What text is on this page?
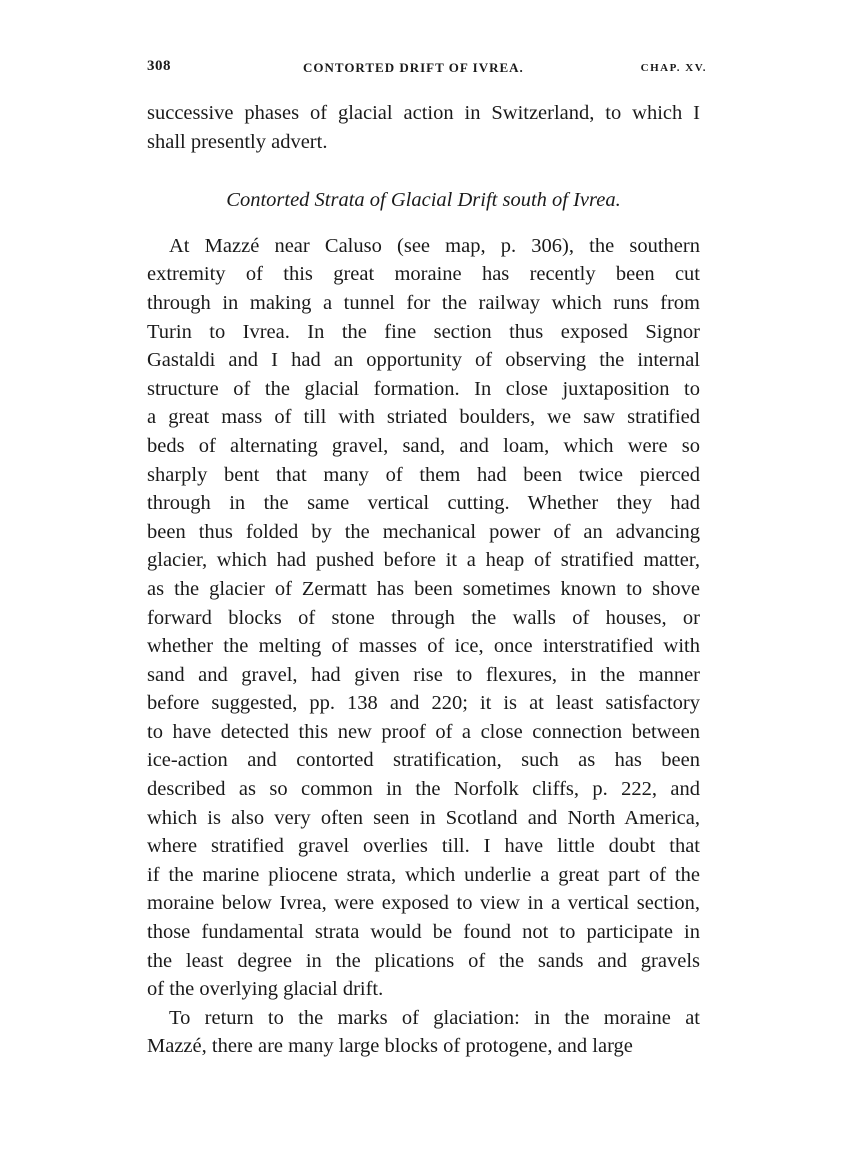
308	CONTORTED DRIFT OF IVREA.	CHAP. XV.

successive phases of glacial action in Switzerland, to which I
shall presently advert.

Contorted Strata of Glacial Drift south of Ivrea.

At Mazzé near Caluso (see map, p. 306), the southern
extremity of this great moraine has recently been cut
through in making a tunnel for the railway which runs from
Turin to Ivrea. In the fine section thus exposed Signor
Gastaldi and I had an opportunity of observing the internal
structure of the glacial formation. In close juxtaposition to
a great mass of till with striated boulders, we saw stratified
beds of alternating gravel, sand, and loam, which were so
sharply bent that many of them had been twice pierced
through in the same vertical cutting. Whether they had
been thus folded by the mechanical power of an advancing
glacier, which had pushed before it a heap of stratified matter,
as the glacier of Zermatt has been sometimes known to shove
forward blocks of stone through the walls of houses, or
whether the melting of masses of ice, once interstratified with
sand and gravel, had given rise to flexures, in the manner
before suggested, pp. 138 and 220; it is at least satisfactory
to have detected this new proof of a close connection between
ice-action and contorted stratification, such as has been
described as so common in the Norfolk cliffs, p. 222, and
which is also very often seen in Scotland and North America,
where stratified gravel overlies till. I have little doubt that
if the marine pliocene strata, which underlie a great part of the
moraine below Ivrea, were exposed to view in a vertical section,
those fundamental strata would be found not to participate in
the least degree in the plications of the sands and gravels
of the overlying glacial drift.

To return to the marks of glaciation: in the moraine at
Mazzé, there are many large blocks of protogene, and large
